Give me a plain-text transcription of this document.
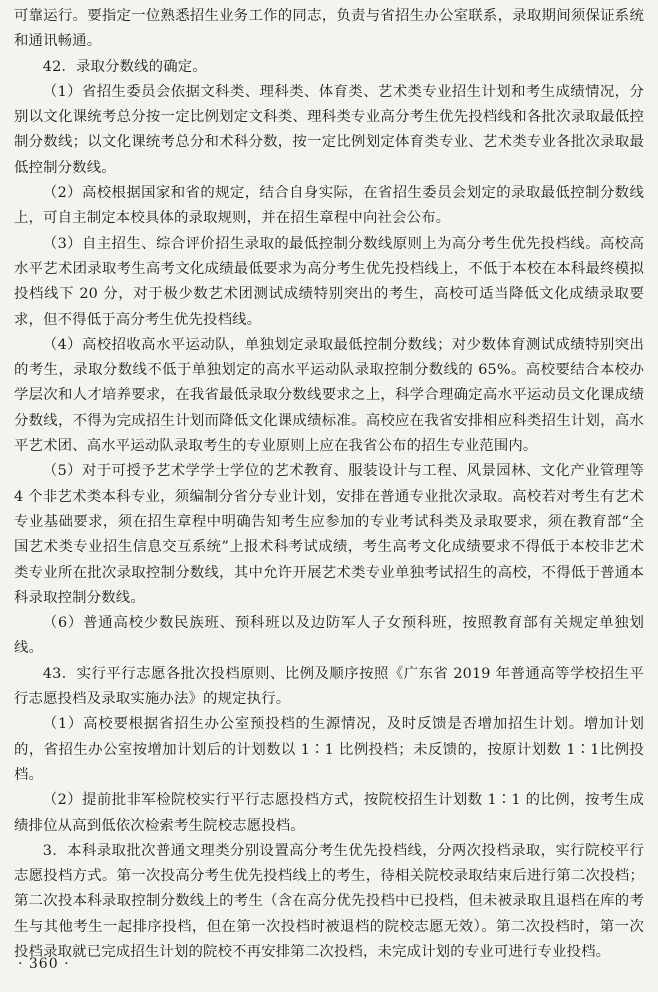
可靠运行。要指定一位熟悉招生业务工作的同志，负责与省招生办公室联系，录取期间须保证系统和通讯畅通。

42．录取分数线的确定。

（1）省招生委员会依据文科类、理科类、体育类、艺术类专业招生计划和考生成绩情况，分别以文化课统考总分按一定比例划定文科类、理科类专业高分考生优先投档线和各批次录取最低控制分数线；以文化课统考总分和术科分数，按一定比例划定体育类专业、艺术类专业各批次录取最低控制分数线。

（2）高校根据国家和省的规定，结合自身实际，在省招生委员会划定的录取最低控制分数线上，可自主制定本校具体的录取规则，并在招生章程中向社会公布。

（3）自主招生、综合评价招生录取的最低控制分数线原则上为高分考生优先投档线。高校高水平艺术团录取考生高考文化成绩最低要求为高分考生优先投档线上，不低于本校在本科最终模拟投档线下 20 分，对于极少数艺术团测试成绩特别突出的考生，高校可适当降低文化成绩录取要求，但不得低于高分考生优先投档线。

（4）高校招收高水平运动队，单独划定录取最低控制分数线；对少数体育测试成绩特别突出的考生，录取分数线不低于单独划定的高水平运动队录取控制分数线的 65%。高校要结合本校办学层次和人才培养要求，在我省最低录取分数线要求之上，科学合理确定高水平运动员文化课成绩分数线，不得为完成招生计划而降低文化课成绩标准。高校应在我省安排相应科类招生计划，高水平艺术团、高水平运动队录取考生的专业原则上应在我省公布的招生专业范围内。

（5）对于可授予艺术学学士学位的艺术教育、服装设计与工程、风景园林、文化产业管理等 4 个非艺术类本科专业，须编制分省分专业计划，安排在普通专业批次录取。高校若对考生有艺术专业基础要求，须在招生章程中明确告知考生应参加的专业考试科类及录取要求，须在教育部“全国艺术类专业招生信息交互系统”上报术科考试成绩，考生高考文化成绩要求不得低于本校非艺术类专业所在批次录取控制分数线，其中允许开展艺术类专业单独考试招生的高校，不得低于普通本科录取控制分数线。

（6）普通高校少数民族班、预科班以及边防军人子女预科班，按照教育部有关规定单独划线。

43．实行平行志愿各批次投档原则、比例及顺序按照《广东省 2019 年普通高等学校招生平行志愿投档及录取实施办法》的规定执行。

（1）高校要根据省招生办公室预投档的生源情况，及时反馈是否增加招生计划。增加计划的，省招生办公室按增加计划后的计划数以 1∶1 比例投档；未反馈的，按原计划数 1∶1比例投档。

（2）提前批非军检院校实行平行志愿投档方式，按院校招生计划数 1∶1 的比例，按考生成绩排位从高到低依次检索考生院校志愿投档。

3．本科录取批次普通文理类分别设置高分考生优先投档线，分两次投档录取，实行院校平行志愿投档方式。第一次投高分考生优先投档线上的考生，待相关院校录取结束后进行第二次投档；第二次投本科录取控制分数线上的考生（含在高分优先投档中已投档，但未被录取且退档在库的考生与其他考生一起排序投档，但在第一次投档时被退档的院校志愿无效）。第二次投档时，第一次投档录取就已完成招生计划的院校不再安排第二次投档，未完成计划的专业可进行专业投档。

· 360 ·
